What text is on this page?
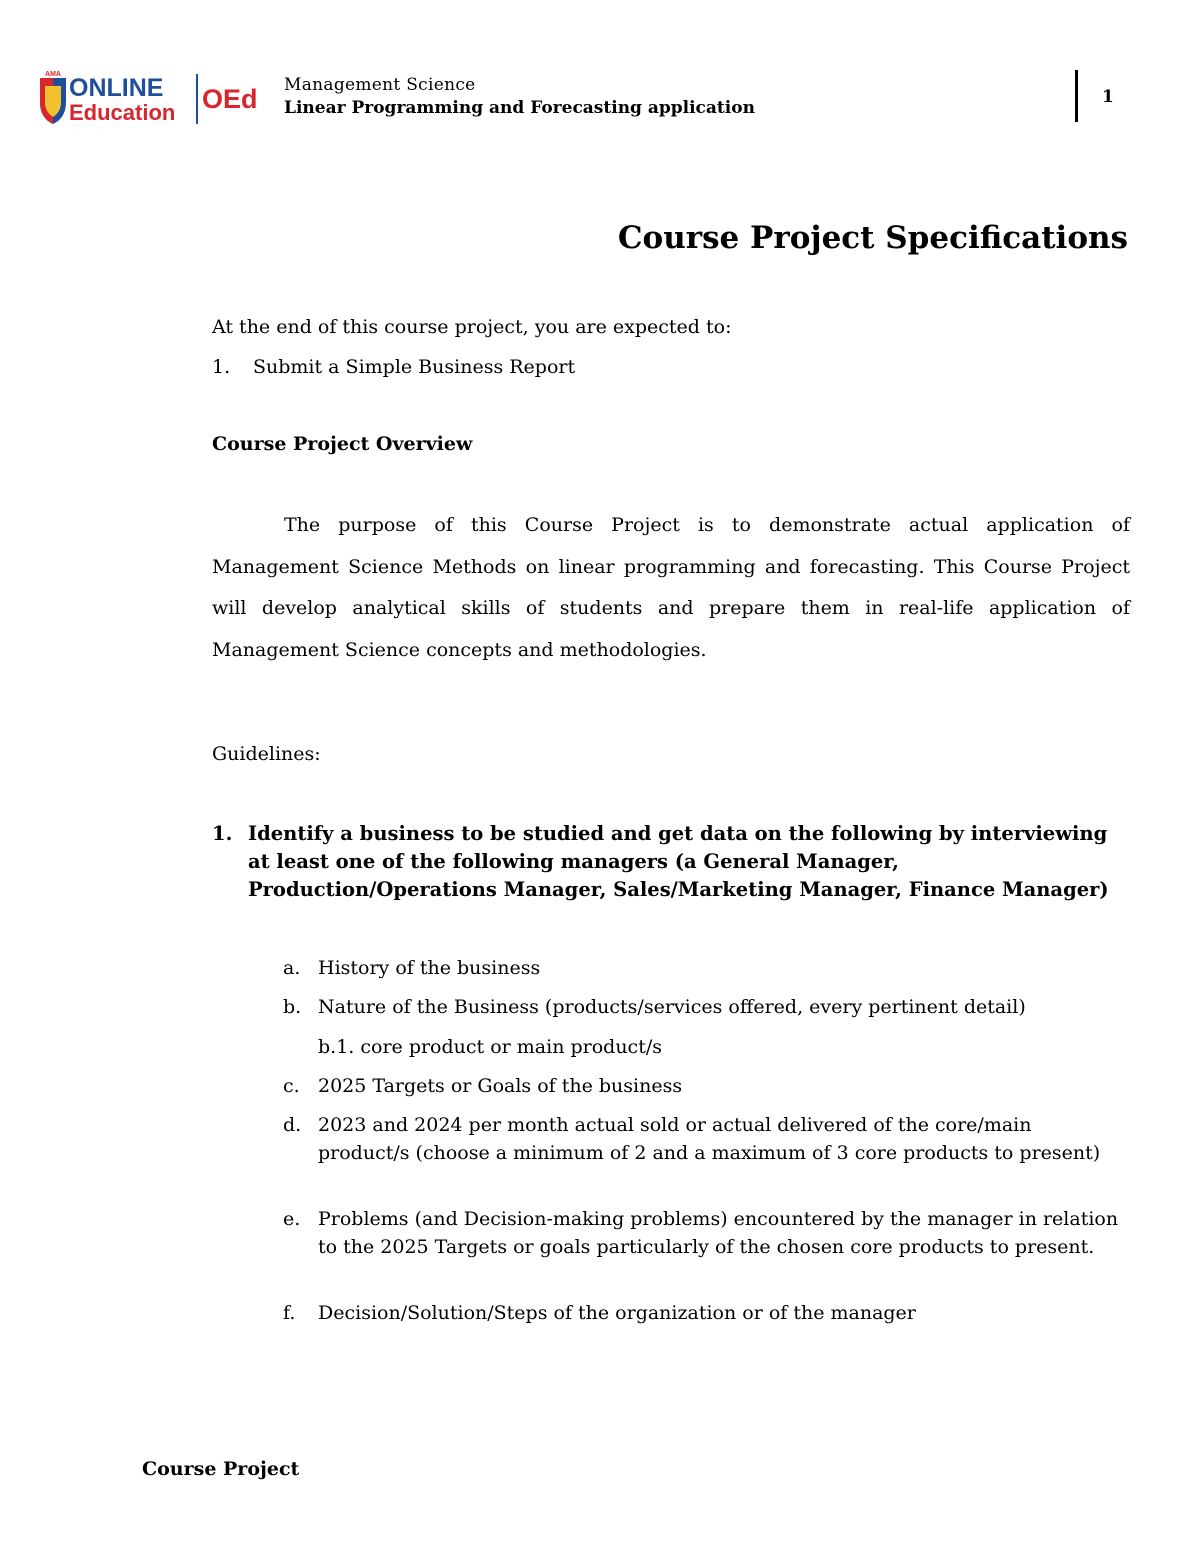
AMA ONLINE
Education OEd Management Science
Linear Programming and Forecasting application
1
Course Project Specifications
At the end of this course project, you are expected to:
1. Submit a Simple Business Report
Course Project Overview
The purpose of this Course Project is to demonstrate actual application of Management Science Methods on linear programming and forecasting. This Course Project will develop analytical skills of students and prepare them in real-life application of Management Science concepts and methodologies.
Guidelines:
1. Identify a business to be studied and get data on the following by interviewing at least one of the following managers (a General Manager, Production/Operations Manager, Sales/Marketing Manager, Finance Manager)
a. History of the business
b. Nature of the Business (products/services offered, every pertinent detail)
b.1. core product or main product/s
c. 2025 Targets or Goals of the business
d. 2023 and 2024 per month actual sold or actual delivered of the core/main product/s (choose a minimum of 2 and a maximum of 3 core products to present)
e. Problems (and Decision-making problems) encountered by the manager in relation to the 2025 Targets or goals particularly of the chosen core products to present.
f. Decision/Solution/Steps of the organization or of the manager
Course Project
